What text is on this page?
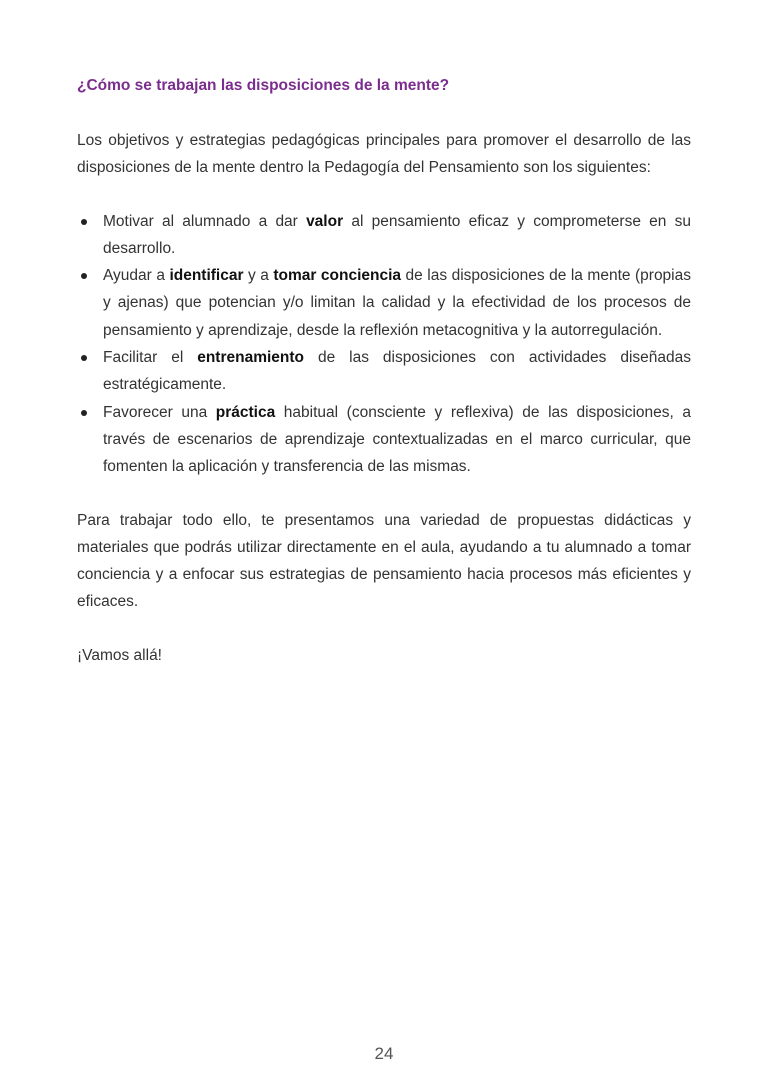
¿Cómo se trabajan las disposiciones de la mente?

Los objetivos y estrategias pedagógicas principales para promover el desarrollo de las disposiciones de la mente dentro la Pedagogía del Pensamiento son los siguientes:

Motivar al alumnado a dar valor al pensamiento eficaz y comprometerse en su desarrollo.
Ayudar a identificar y a tomar conciencia de las disposiciones de la mente (propias y ajenas) que potencian y/o limitan la calidad y la efectividad de los procesos de pensamiento y aprendizaje, desde la reflexión metacognitiva y la autorregulación.
Facilitar el entrenamiento de las disposiciones con actividades diseñadas estratégicamente.
Favorecer una práctica habitual (consciente y reflexiva) de las disposiciones, a través de escenarios de aprendizaje contextualizadas en el marco curricular, que fomenten la aplicación y transferencia de las mismas.

Para trabajar todo ello, te presentamos una variedad de propuestas didácticas y materiales que podrás utilizar directamente en el aula, ayudando a tu alumnado a tomar conciencia y a enfocar sus estrategias de pensamiento hacia procesos más eficientes y eficaces.

¡Vamos allá!

24
